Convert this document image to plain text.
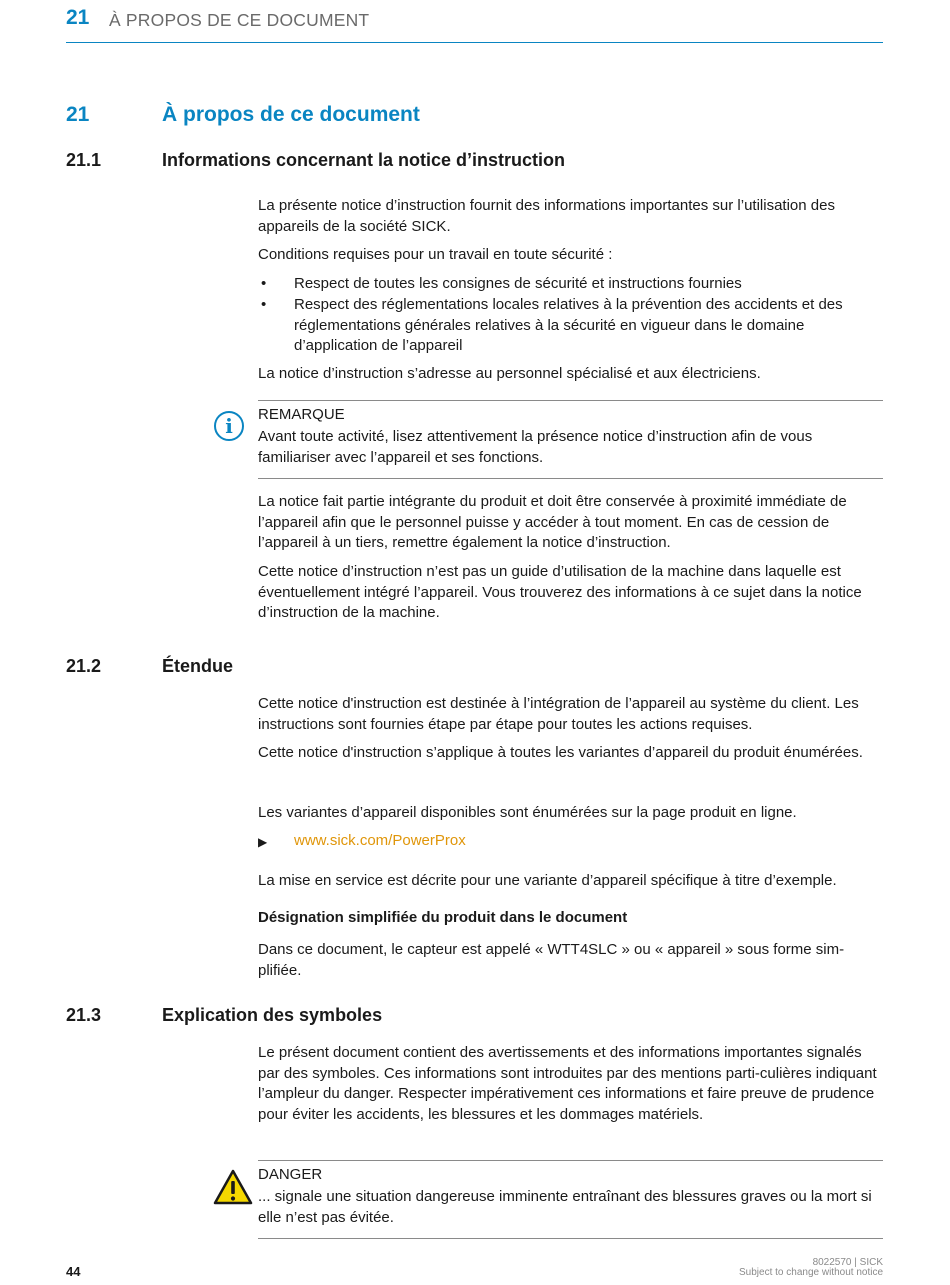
21 À PROPOS DE CE DOCUMENT
21	À propos de ce document
21.1	Informations concernant la notice d’instruction
La présente notice d’instruction fournit des informations importantes sur l’utilisation des appareils de la société SICK.
Conditions requises pour un travail en toute sécurité :
• Respect de toutes les consignes de sécurité et instructions fournies
• Respect des réglementations locales relatives à la prévention des accidents et des réglementations générales relatives à la sécurité en vigueur dans le domaine d’application de l’appareil
La notice d’instruction s’adresse au personnel spécialisé et aux électriciens.
i	REMARQUE
Avant toute activité, lisez attentivement la présence notice d’instruction afin de vous familiariser avec l’appareil et ses fonctions.
La notice fait partie intégrante du produit et doit être conservée à proximité immédiate de l’appareil afin que le personnel puisse y accéder à tout moment. En cas de cession de l’appareil à un tiers, remettre également la notice d’instruction.
Cette notice d’instruction n’est pas un guide d’utilisation de la machine dans laquelle est éventuellement intégré l’appareil. Vous trouverez des informations à ce sujet dans la notice d’instruction de la machine.
21.2	Étendue
Cette notice d'instruction est destinée à l’intégration de l’appareil au système du client. Les instructions sont fournies étape par étape pour toutes les actions requises.
Cette notice d'instruction s’applique à toutes les variantes d’appareil du produit énumérées.
Les variantes d’appareil disponibles sont énumérées sur la page produit en ligne.
▶ www.sick.com/PowerProx
La mise en service est décrite pour une variante d’appareil spécifique à titre d’exemple.
Désignation simplifiée du produit dans le document
Dans ce document, le capteur est appelé « WTT4SLC » ou « appareil » sous forme sim-plifiée.
21.3	Explication des symboles
Le présent document contient des avertissements et des informations importantes signalés par des symboles. Ces informations sont introduites par des mentions parti-culières indiquant l’ampleur du danger. Respecter impérativement ces informations et faire preuve de prudence pour éviter les accidents, les blessures et les dommages matériels.
DANGER
... signale une situation dangereuse imminente entraînant des blessures graves ou la mort si elle n’est pas évitée.
44
8022570 | SICK
Subject to change without notice
